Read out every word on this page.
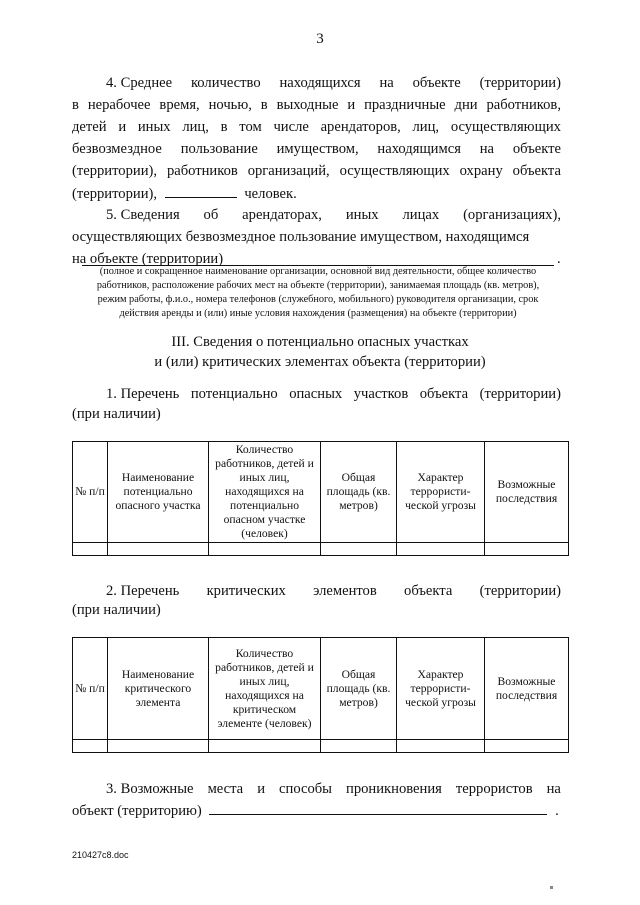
3
4. Среднее количество находящихся на объекте (территории)
в нерабочее время, ночью, в выходные и праздничные дни работников,
детей и иных лиц, в том числе арендаторов, лиц, осуществляющих
безвозмездное пользование имуществом, находящимся на объекте
(территории), работников организаций, осуществляющих охрану объекта
(территории),	человек.
5. Сведения об арендаторах, иных лицах (организациях),
осуществляющих безвозмездное пользование имуществом, находящимся
на объекте (территории)	.
(полное и сокращенное наименование организации, основной вид деятельности, общее количество
работников, расположение рабочих мест на объекте (территории), занимаемая площадь (кв. метров),
режим работы, ф.и.о., номера телефонов (служебного, мобильного) руководителя организации, срок
действия аренды и (или) иные условия нахождения (размещения) на объекте (территории)
III. Сведения о потенциально опасных участках
и (или) критических элементах объекта (территории)
1. Перечень потенциально опасных участков объекта (территории)
(при наличии)
№ п/п	Наименование потенциально опасного участка	Количество работников, детей и иных лиц, находящихся на потенциально опасном участке (человек)	Общая площадь (кв. метров)	Характер террористи-ческой угрозы	Возможные последствия

2. Перечень критических элементов объекта (территории)
(при наличии)
№ п/п	Наименование критического элемента	Количество работников, детей и иных лиц, находящихся на критическом элементе (человек)	Общая площадь (кв. метров)	Характер террористи-ческой угрозы	Возможные последствия

3. Возможные места и способы проникновения террористов на
объект (территорию)	.
210427c8.doc
